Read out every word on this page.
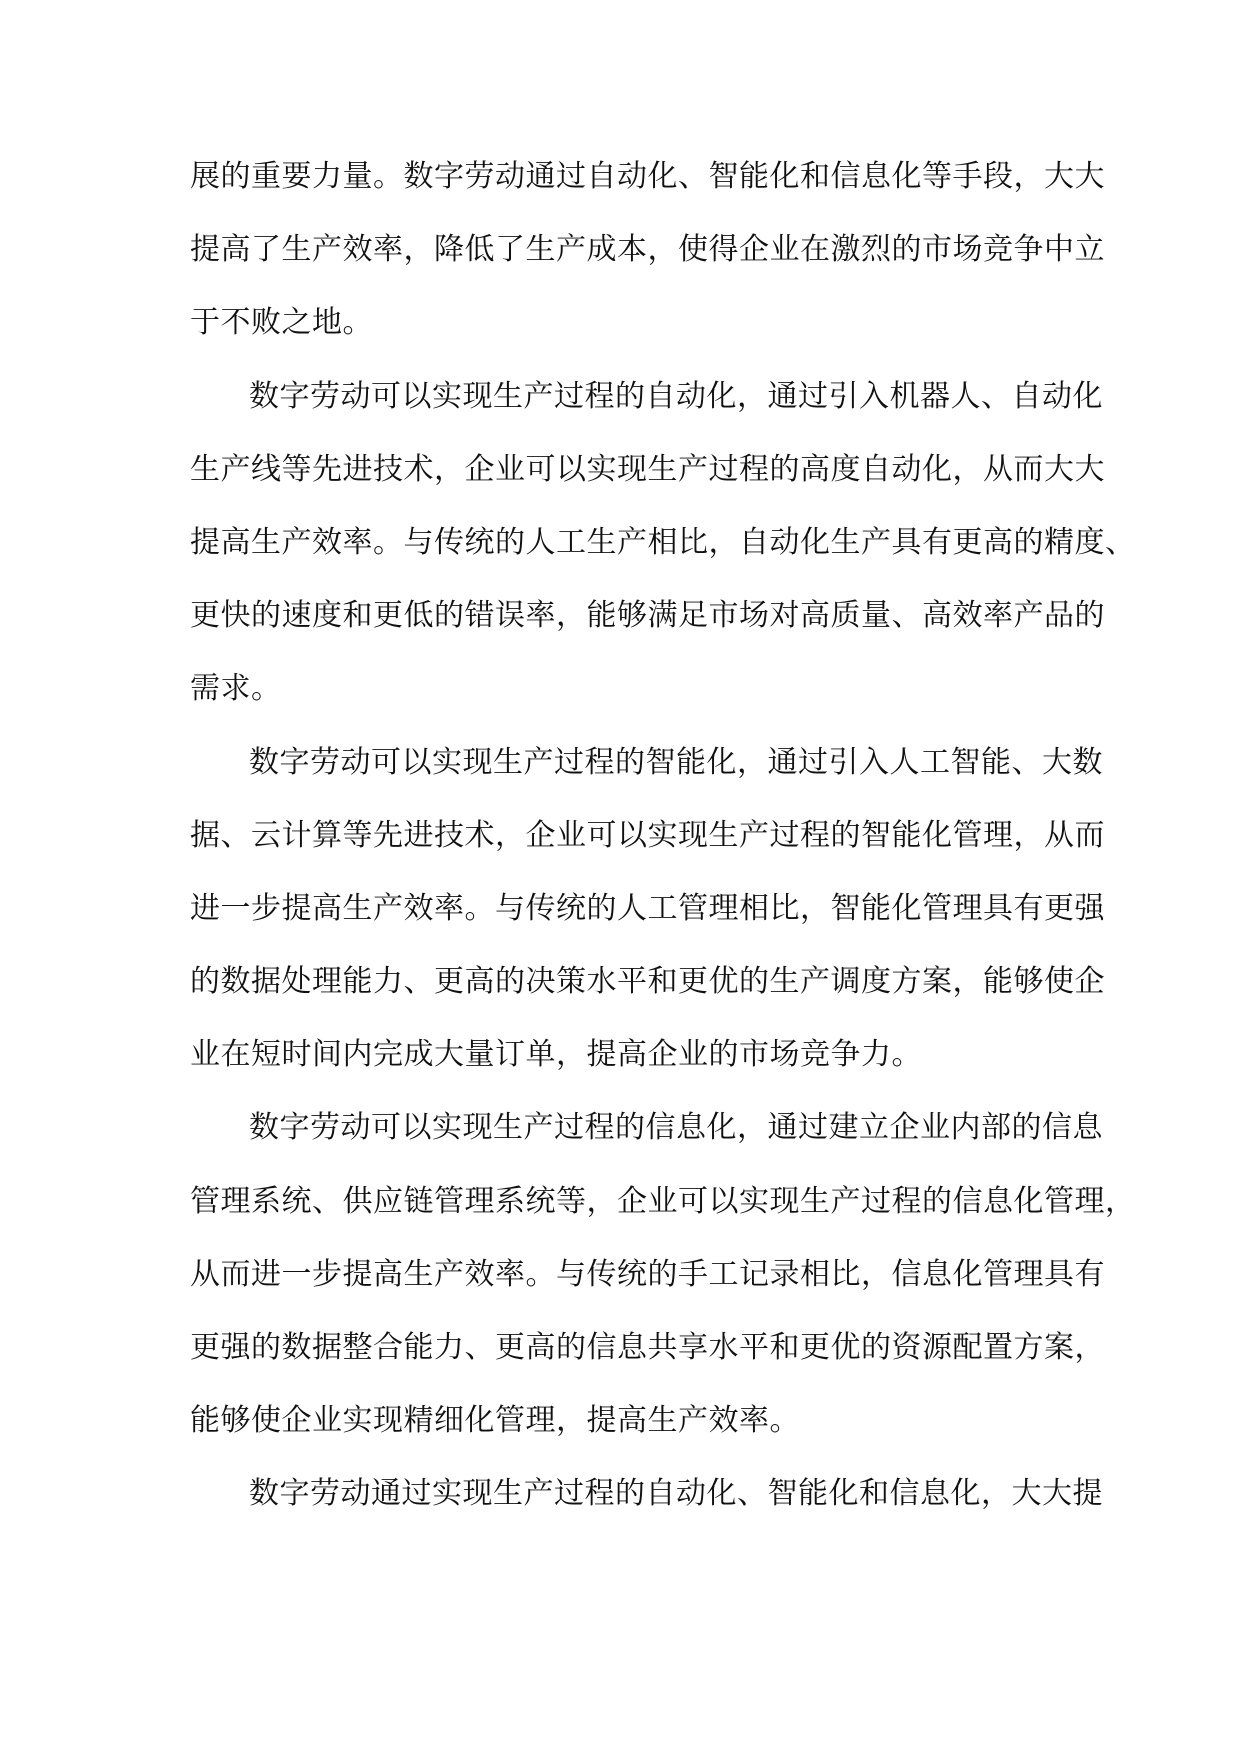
展的重要力量。数字劳动通过自动化、智能化和信息化等手段，大大
提高了生产效率，降低了生产成本，使得企业在激烈的市场竞争中立
于不败之地。
数字劳动可以实现生产过程的自动化，通过引入机器人、自动化
生产线等先进技术，企业可以实现生产过程的高度自动化，从而大大
提高生产效率。与传统的人工生产相比，自动化生产具有更高的精度、
更快的速度和更低的错误率，能够满足市场对高质量、高效率产品的
需求。
数字劳动可以实现生产过程的智能化，通过引入人工智能、大数
据、云计算等先进技术，企业可以实现生产过程的智能化管理，从而
进一步提高生产效率。与传统的人工管理相比，智能化管理具有更强
的数据处理能力、更高的决策水平和更优的生产调度方案，能够使企
业在短时间内完成大量订单，提高企业的市场竞争力。
数字劳动可以实现生产过程的信息化，通过建立企业内部的信息
管理系统、供应链管理系统等，企业可以实现生产过程的信息化管理，
从而进一步提高生产效率。与传统的手工记录相比，信息化管理具有
更强的数据整合能力、更高的信息共享水平和更优的资源配置方案，
能够使企业实现精细化管理，提高生产效率。
数字劳动通过实现生产过程的自动化、智能化和信息化，大大提
